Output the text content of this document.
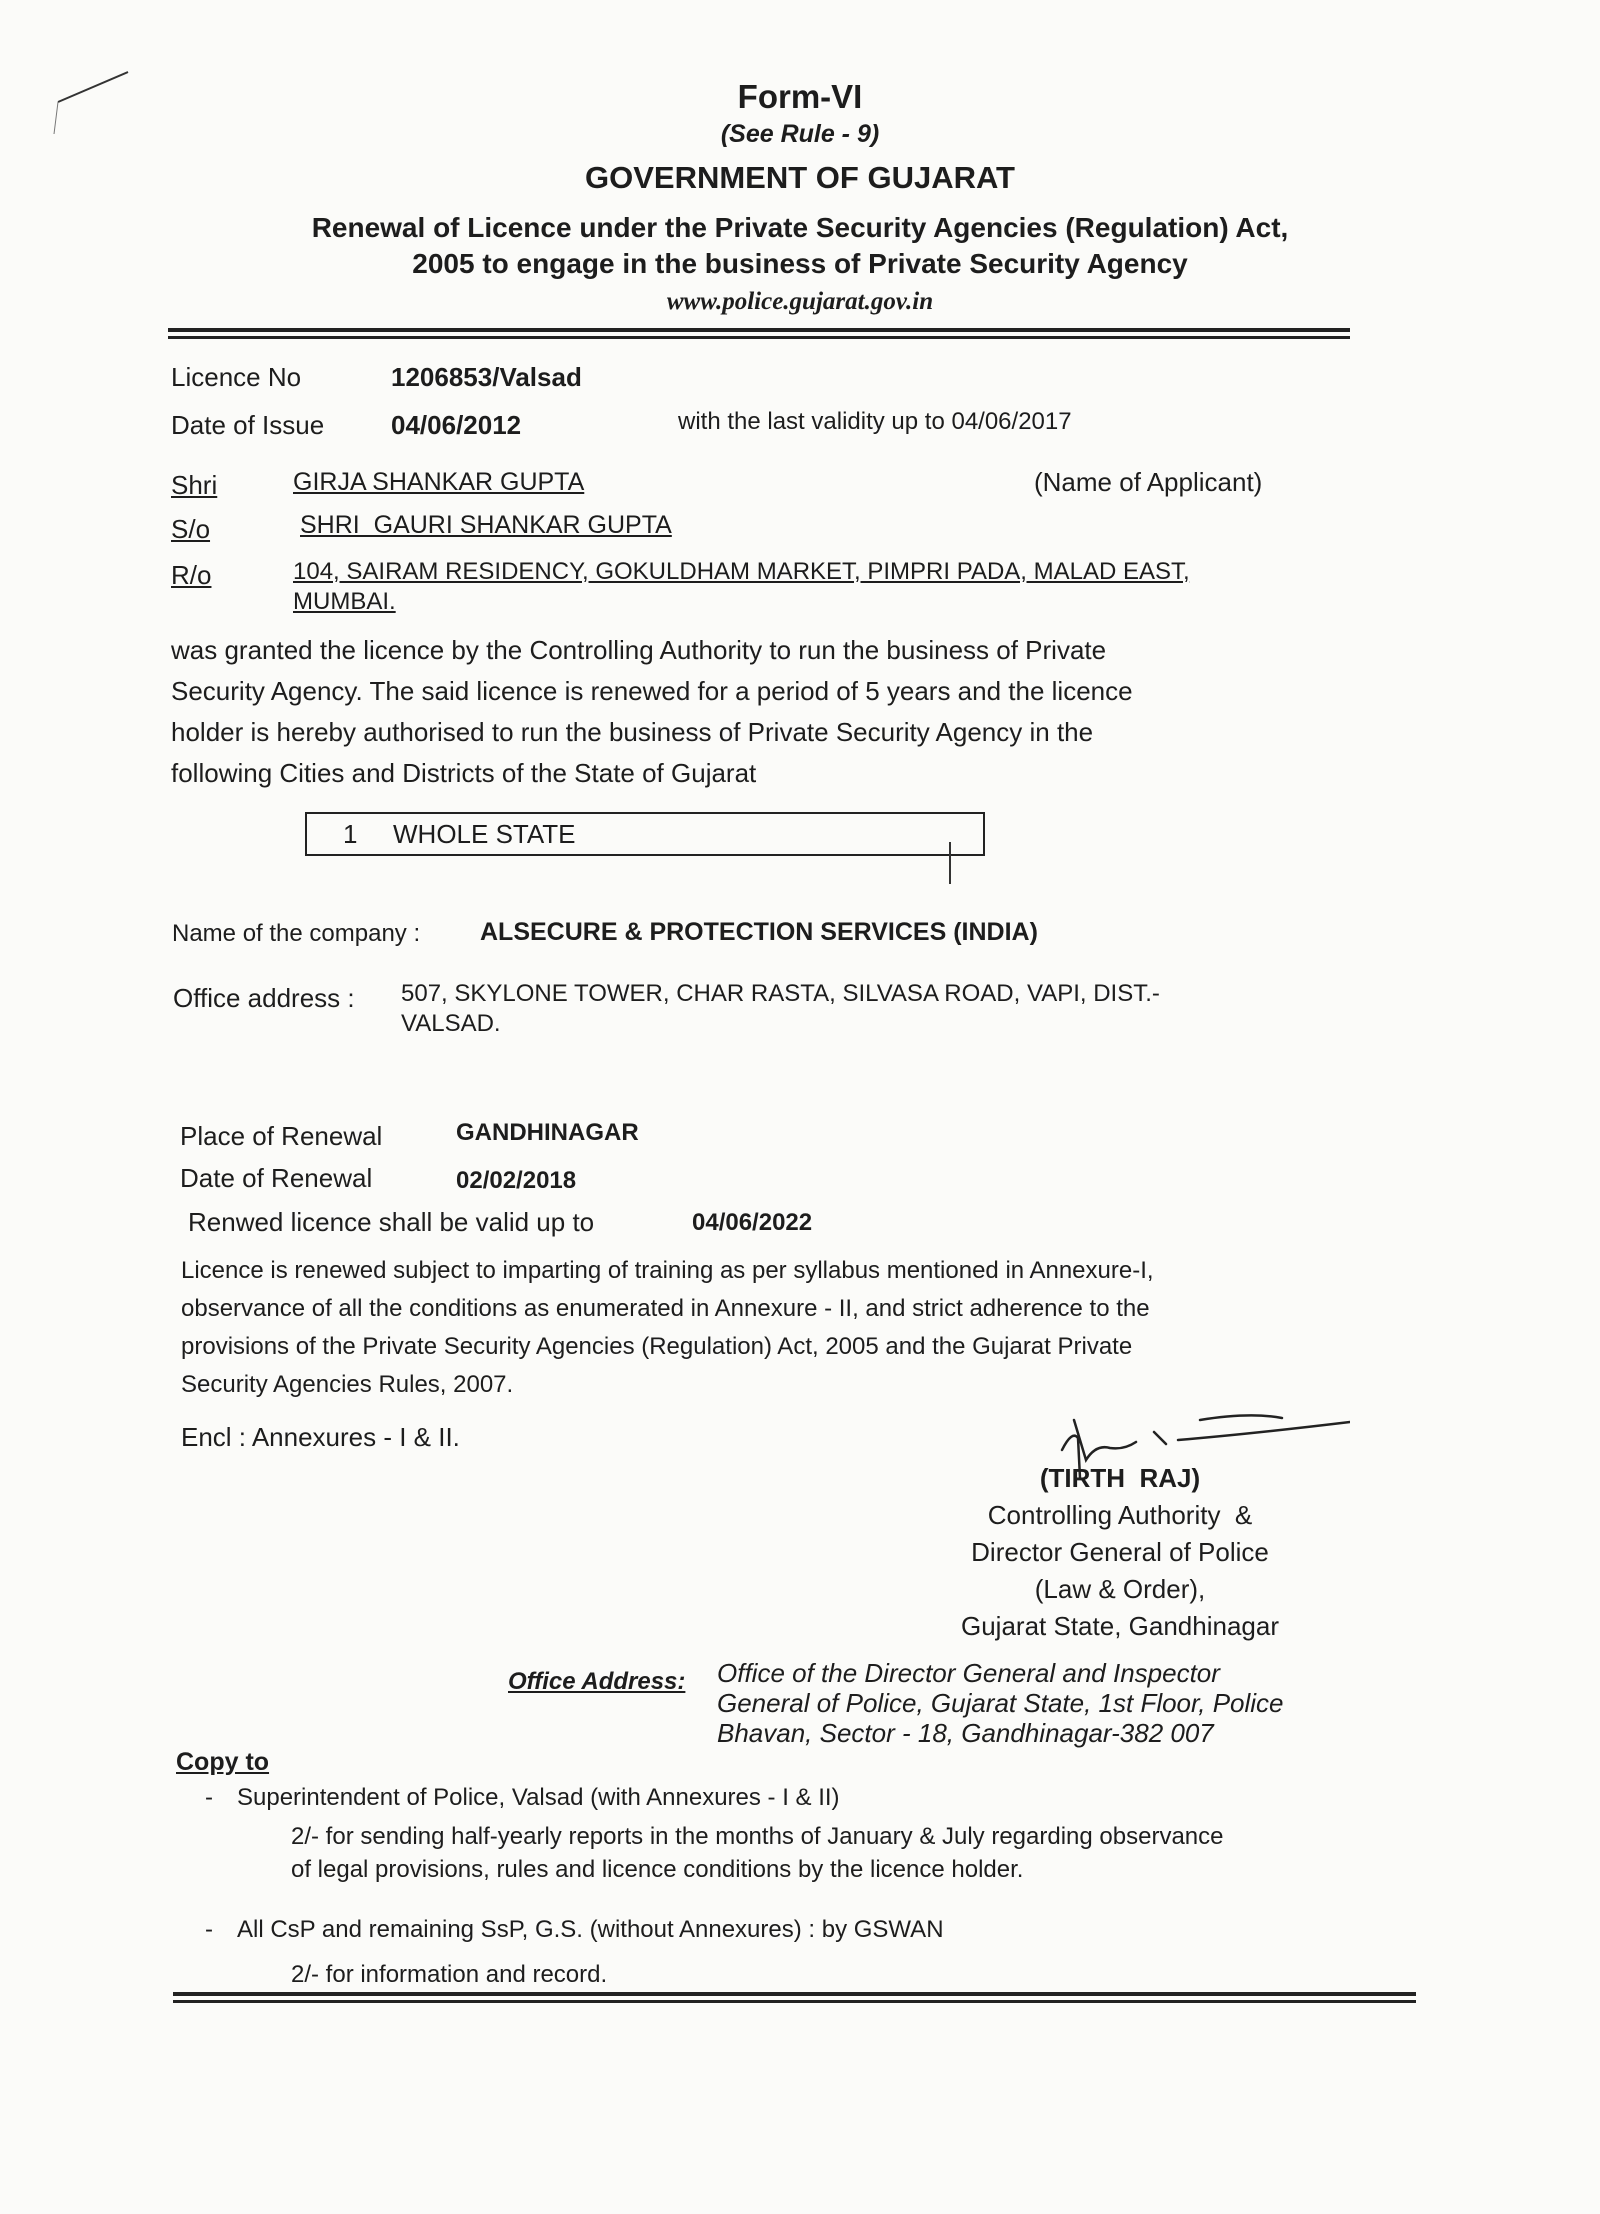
Form-VI
(See Rule - 9)
GOVERNMENT OF GUJARAT
Renewal of Licence under the Private Security Agencies (Regulation) Act,
2005 to engage in the business of Private Security Agency
www.police.gujarat.gov.in
Licence No	1206853/Valsad
Date of Issue	04/06/2012	with the last validity up to 04/06/2017
Shri	GIRJA SHANKAR GUPTA	(Name of Applicant)
S/o	SHRI  GAURI SHANKAR GUPTA
R/o	104, SAIRAM RESIDENCY, GOKULDHAM MARKET, PIMPRI PADA, MALAD EAST,
MUMBAI.
was granted the licence by the Controlling Authority to run the business of Private
Security Agency. The said licence is renewed for a period of 5 years and the licence
holder is hereby authorised to run the business of Private Security Agency in the
following Cities and Districts of the State of Gujarat
1 WHOLE STATE
Name of the company : ALSECURE & PROTECTION SERVICES (INDIA)
Office address : 507, SKYLONE TOWER, CHAR RASTA, SILVASA ROAD, VAPI, DIST.-
VALSAD.
Place of Renewal	GANDHINAGAR
Date of Renewal	02/02/2018
Renwed licence shall be valid up to	04/06/2022
Licence is renewed subject to imparting of training as per syllabus mentioned in Annexure-I,
observance of all the conditions as enumerated in Annexure - II, and strict adherence to the
provisions of the Private Security Agencies (Regulation) Act, 2005 and the Gujarat Private
Security Agencies Rules, 2007.
Encl : Annexures - I & II.
(TIRTH  RAJ)
Controlling Authority  &
Director General of Police
(Law & Order),
Gujarat State, Gandhinagar
Office Address: Office of the Director General and Inspector
General of Police, Gujarat State, 1st Floor, Police
Bhavan, Sector - 18, Gandhinagar-382 007
Copy to
- Superintendent of Police, Valsad (with Annexures - I & II)
2/- for sending half-yearly reports in the months of January & July regarding observance
of legal provisions, rules and licence conditions by the licence holder.
- All CsP and remaining SsP, G.S. (without Annexures) : by GSWAN
2/- for information and record.
